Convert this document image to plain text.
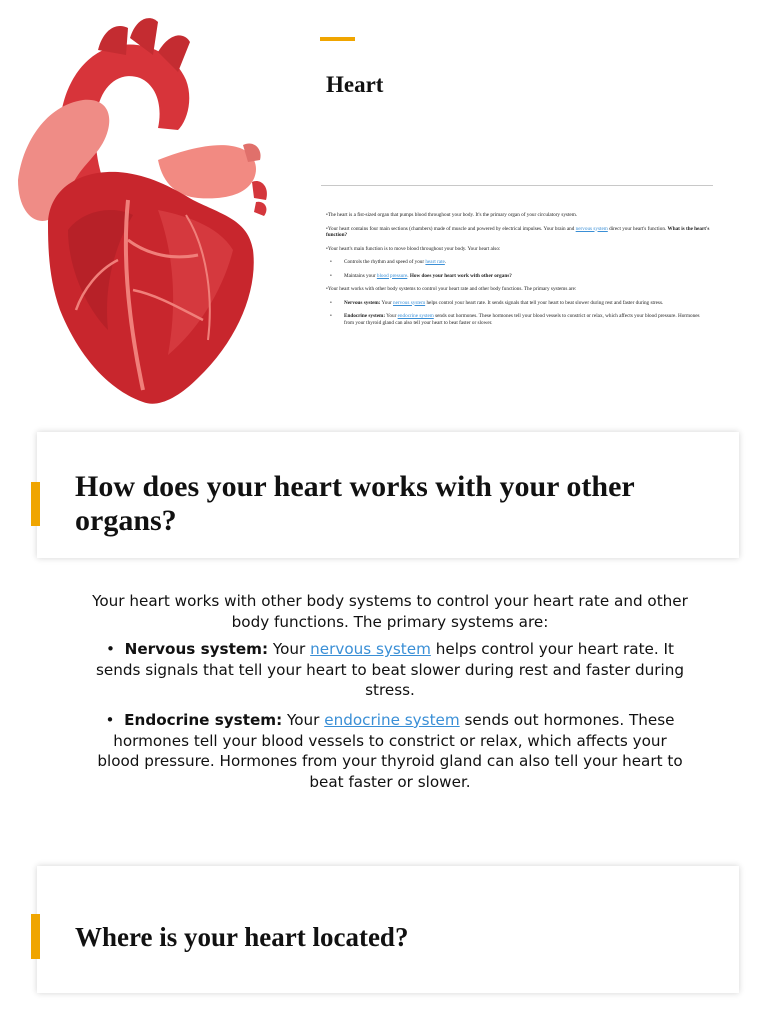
Heart

•The heart is a fist-sized organ that pumps blood throughout your body. It's the primary organ of your circulatory system.

•Your heart contains four main sections (chambers) made of muscle and powered by electrical impulses. Your brain and nervous system direct your heart's function. What is the heart's function?

•Your heart's main function is to move blood throughout your body. Your heart also:

• Controls the rhythm and speed of your heart rate.
• Maintains your blood pressure. How does your heart work with other organs?

•Your heart works with other body systems to control your heart rate and other body functions. The primary systems are:

• Nervous system: Your nervous system helps control your heart rate. It sends signals that tell your heart to beat slower during rest and faster during stress.
• Endocrine system: Your endocrine system sends out hormones. These hormones tell your blood vessels to constrict or relax, which affects your blood pressure. Hormones from your thyroid gland can also tell your heart to beat faster or slower.
How does your heart works with your other organs?

Your heart works with other body systems to control your heart rate and other body functions. The primary systems are:

• Nervous system: Your nervous system helps control your heart rate. It sends signals that tell your heart to beat slower during rest and faster during stress.

• Endocrine system: Your endocrine system sends out hormones. These hormones tell your blood vessels to constrict or relax, which affects your blood pressure. Hormones from your thyroid gland can also tell your heart to beat faster or slower.

Where is your heart located?
